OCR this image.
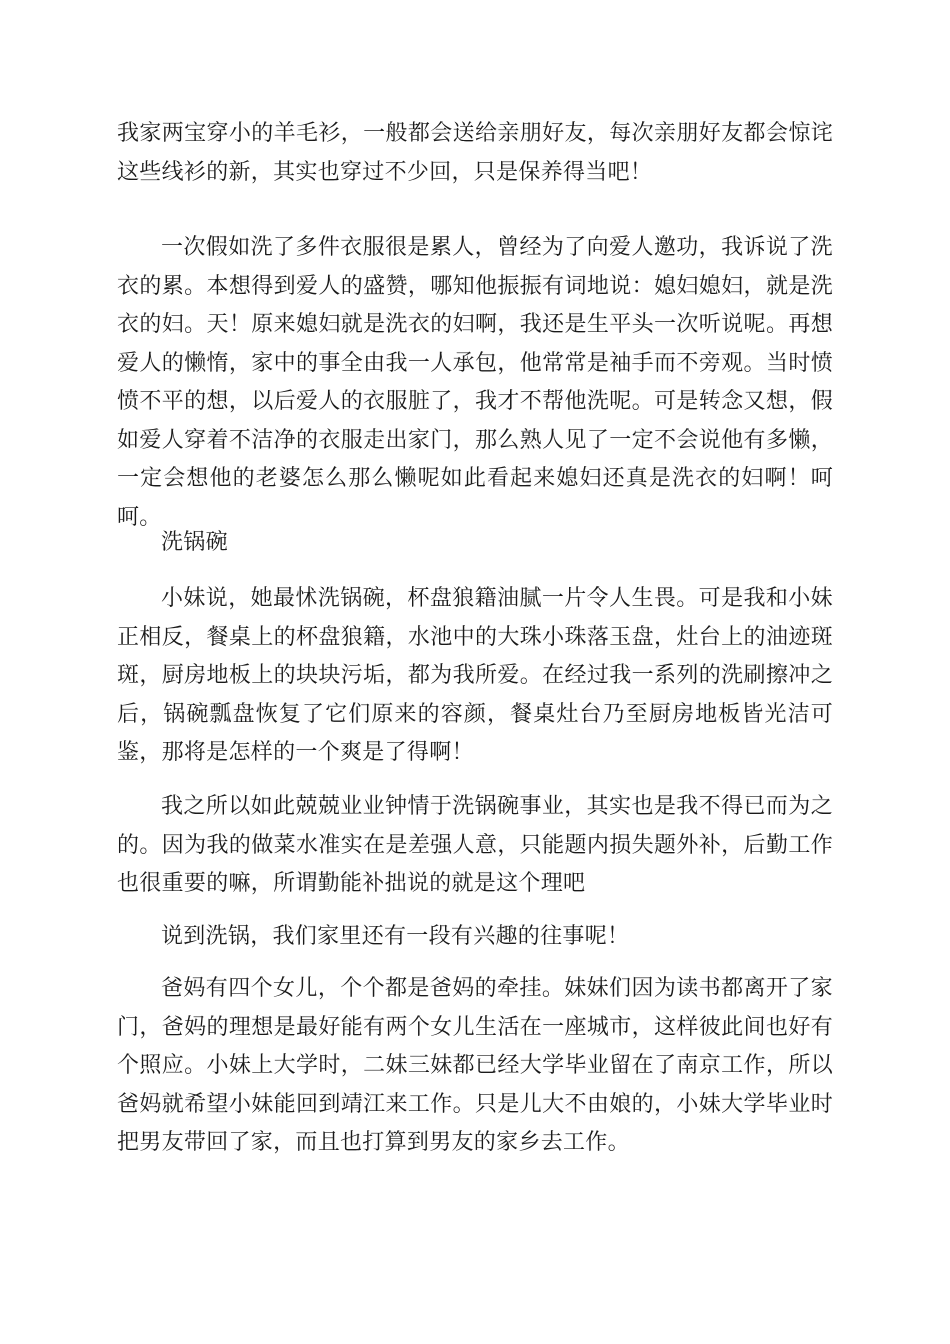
我家两宝穿小的羊毛衫，一般都会送给亲朋好友，每次亲朋好友都会惊诧这些线衫的新，其实也穿过不少回，只是保养得当吧！

一次假如洗了多件衣服很是累人，曾经为了向爱人邀功，我诉说了洗衣的累。本想得到爱人的盛赞，哪知他振振有词地说：媳妇媳妇，就是洗衣的妇。天！原来媳妇就是洗衣的妇啊，我还是生平头一次听说呢。再想爱人的懒惰，家中的事全由我一人承包，他常常是袖手而不旁观。当时愤愤不平的想，以后爱人的衣服脏了，我才不帮他洗呢。可是转念又想，假如爱人穿着不洁净的衣服走出家门，那么熟人见了一定不会说他有多懒，一定会想他的老婆怎么那么懒呢如此看起来媳妇还真是洗衣的妇啊！呵呵。

洗锅碗

小妹说，她最怵洗锅碗，杯盘狼籍油腻一片令人生畏。可是我和小妹正相反，餐桌上的杯盘狼籍，水池中的大珠小珠落玉盘，灶台上的油迹斑斑，厨房地板上的块块污垢，都为我所爱。在经过我一系列的洗刷擦冲之后，锅碗瓢盘恢复了它们原来的容颜，餐桌灶台乃至厨房地板皆光洁可鉴，那将是怎样的一个爽是了得啊！

我之所以如此兢兢业业钟情于洗锅碗事业，其实也是我不得已而为之的。因为我的做菜水准实在是差强人意，只能题内损失题外补，后勤工作也很重要的嘛，所谓勤能补拙说的就是这个理吧

说到洗锅，我们家里还有一段有兴趣的往事呢！

爸妈有四个女儿，个个都是爸妈的牵挂。妹妹们因为读书都离开了家门，爸妈的理想是最好能有两个女儿生活在一座城市，这样彼此间也好有个照应。小妹上大学时，二妹三妹都已经大学毕业留在了南京工作，所以爸妈就希望小妹能回到靖江来工作。只是儿大不由娘的，小妹大学毕业时把男友带回了家，而且也打算到男友的家乡去工作。
